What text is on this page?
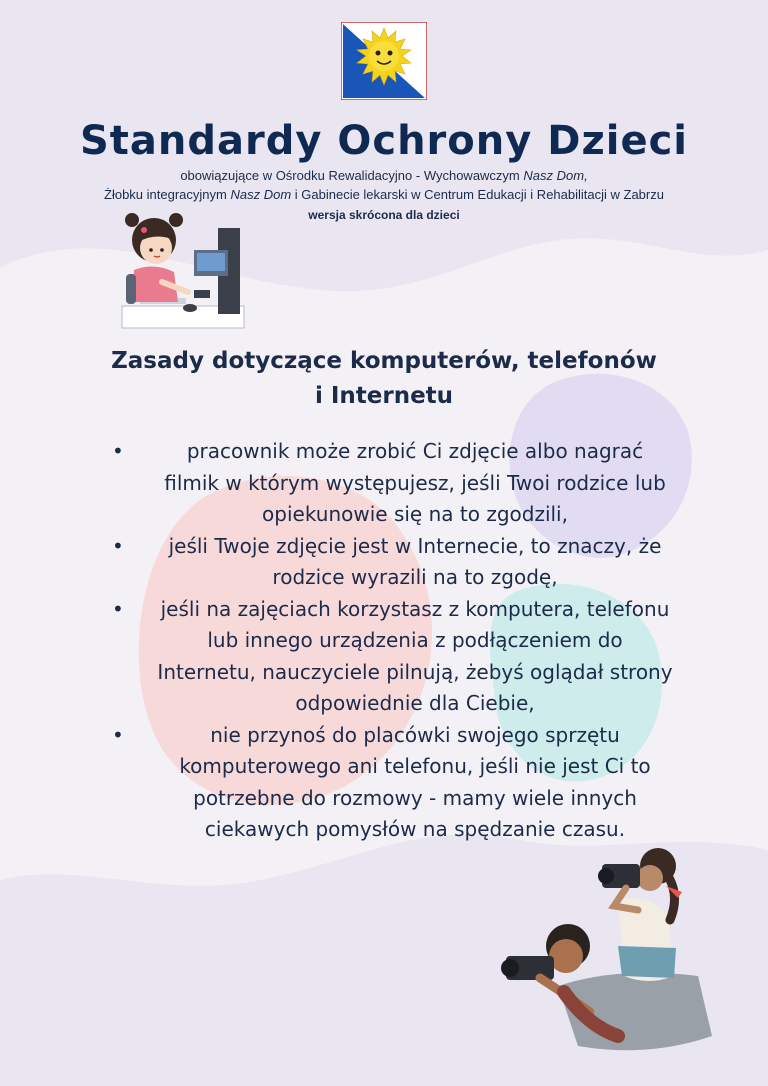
Standardy Ochrony Dzieci
obowiązujące w Ośrodku Rewalidacyjno - Wychowawczym Nasz Dom,
Żłobku integracyjnym Nasz Dom i Gabinecie lekarski w Centrum Edukacji i Rehabilitacji w Zabrzu
wersja skrócona dla dzieci
Zasady dotyczące komputerów, telefonów
i Internetu
•	pracownik może zrobić Ci zdjęcie albo nagrać
filmik w którym występujesz, jeśli Twoi rodzice lub
opiekunowie się na to zgodzili,
•	jeśli Twoje zdjęcie jest w Internecie, to znaczy, że
rodzice wyrazili na to zgodę,
•	jeśli na zajęciach korzystasz z komputera, telefonu
lub innego urządzenia z podłączeniem do
Internetu, nauczyciele pilnują, żebyś oglądał strony
odpowiednie dla Ciebie,
•	nie przynoś do placówki swojego sprzętu
komputerowego ani telefonu, jeśli nie jest Ci to
potrzebne do rozmowy - mamy wiele innych
ciekawych pomysłów na spędzanie czasu.
